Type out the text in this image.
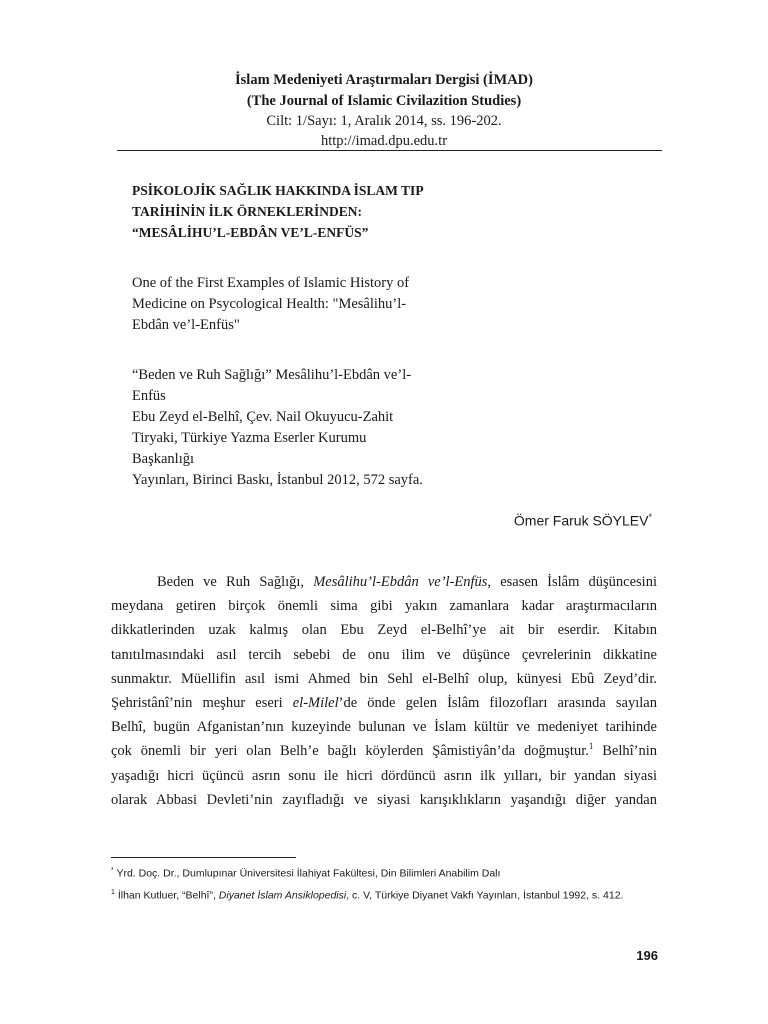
İslam Medeniyeti Araştırmaları Dergisi (İMAD)
(The Journal of Islamic Civilazition Studies)
Cilt: 1/Sayı: 1, Aralık 2014, ss. 196-202.
http://imad.dpu.edu.tr
PSİKOLOJİK SAĞLIK HAKKINDA İSLAM TIP
TARİHİNİN İLK ÖRNEKLERİNDEN:
“MESÂLİHU’L-EBDÂN VE’L-ENFÜS”
One of the First Examples of Islamic History of
Medicine on Psycological Health: "Mesâlihu’l-
Ebdân ve’l-Enfüs"
“Beden ve Ruh Sağlığı” Mesâlihu’l-Ebdân ve’l-
Enfüs
Ebu Zeyd el-Belhî, Çev. Nail Okuyucu-Zahit
Tiryaki, Türkiye Yazma Eserler Kurumu Başkanlığı
Yayınları, Birinci Baskı, İstanbul 2012, 572 sayfa.
Ömer Faruk SÖYLEV*
Beden ve Ruh Sağlığı, Mesâlihu’l-Ebdân ve’l-Enfüs, esasen İslâm düşüncesini
meydana getiren birçok önemli sima gibi yakın zamanlara kadar araştırmacıların
dikkatlerinden uzak kalmış olan Ebu Zeyd el-Belhî’ye ait bir eserdir. Kitabın
tanıtılmasındaki asıl tercih sebebi de onu ilim ve düşünce çevrelerinin dikkatine
sunmaktır. Müellifin asıl ismi Ahmed bin Sehl el-Belhî olup, künyesi Ebû Zeyd’dir.
Şehristânî’nin meşhur eseri el-Milel’de önde gelen İslâm filozofları arasında sayılan
Belhî, bugün Afganistan’nın kuzeyinde bulunan ve İslam kültür ve medeniyet tarihinde
çok önemli bir yeri olan Belh’e bağlı köylerden Şâmistiyân’da doğmuştur.$^1$ Belhî’nin
yaşadığı hicri üçüncü asrın sonu ile hicri dördüncü asrın ilk yılları, bir yandan siyasi
olarak Abbasi Devleti’nin zayıfladığı ve siyasi karışıklıkların yaşandığı diğer yandan
* Yrd. Doç. Dr., Dumlupınar Üniversitesi İlahiyat Fakültesi, Din Bilimleri Anabilim Dalı
$^1$ İlhan Kutluer, “Belhî”, Diyanet İslam Ansiklopedisi, c. V, Türkiye Diyanet Vakfı Yayınları, İstanbul 1992, s. 412.
196
